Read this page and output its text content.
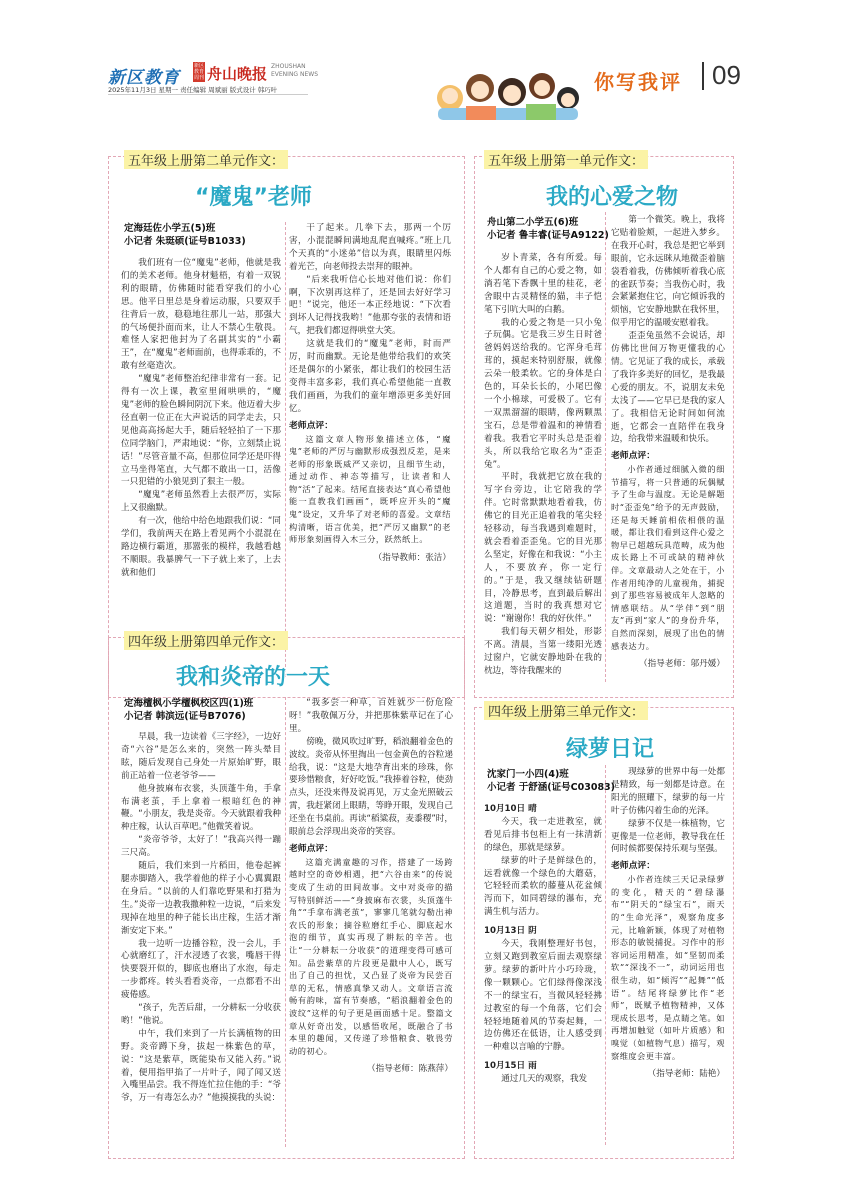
新区教育
新区教育周刊 舟山晚报 ZHOUSHAN EVENING NEWS
2025年11月3日 星期一 责任编辑 周斌丽 版式设计 韩巧叶	你写我评 09
五年级上册第二单元作文：
“魔鬼”老师
定海廷佐小学五(5)班
小记者 朱珽硕(证号B1033)

我们班有一位“魔鬼”老师，他就是我们的美术老师。他身材魁梧，有着一双锐利的眼睛，仿佛随时能看穿我们的小心思。他平日里总是身着运动服，只要双手往背后一放，稳稳地往那儿一站，那强大的气场便扑面而来，让人不禁心生敬畏。难怪人家把他封为了名副其实的“小霸王”，在“魔鬼”老师面前，也得乖乖的，不敢有丝毫造次。

“魔鬼”老师整治纪律非常有一套。记得有一次上课，教室里闹哄哄的，“魔鬼”老师的脸色瞬间阴沉下来。他迈着大步径直朝一位正在大声说话的同学走去，只见他高高扬起大手，随后轻轻拍了一下那位同学脑门，严肃地说：“你，立刻禁止说话！”尽管音量不高，但那位同学还是吓得立马坐得笔直，大气都不敢出一口，活像一只犯错的小狼见到了狠主一般。

“魔鬼”老师虽然看上去很严厉，实际上又很幽默。

有一次，他给中给色地跟我们说：“同学们，我前两天在路上看见两个小混混在路边横行霸道，那嚣张的模样，我越看越不顺眼。我暴脾气一下子就上来了，上去就和他们

干了起来。几拳下去，那两一个厉害，小混混瞬间满地乱爬直喊疼。”班上几个天真的“小迷弟”信以为真，眼睛里闪烁着光芒，向老师投去崇拜的眼神。

“后来我听信心长地对他们说：你们啊，下次别再这样了，还是回去好好学习吧！”说完，他还一本正经地说：“下次看到坏人记得找我哟！”他那夸张的表情和语气，把我们都逗得哄堂大笑。

这就是我们的“魔鬼”老师，时而严厉，时而幽默。无论是他带给我们的欢笑还是偶尔的小紧张，都让我们的校园生活变得丰富多彩，我们真心希望他能一直教我们画画，为我们的童年增添更多美好回忆。

老师点评：

这篇文章人物形象描述立体，“魔鬼”老师的严厉与幽默形成强烈反差，是来老师的形象既威严又亲切，且细节生动，通过动作、神态等描写，让读者和人物“活”了起来。结尾直接表达“真心希望他能一直教我们画画”，既呼应开头的“魔鬼”设定，又升华了对老师的喜爱。文章结构清晰，语言优美，把“严厉又幽默”的老师形象刻画得入木三分，跃然纸上。

（指导教师：张洁）
五年级上册第一单元作文：
我的心爱之物
舟山第二小学五(6)班
小记者 鲁丰睿(证号A9122)

岁卜青菜，各有所爱。每个人都有自己的心爱之物，如淌若笔下香飘十里的桂花，老舍眼中古灵精怪的猫，丰子恺笔下引吭大叫的白鹅。

我的心爱之物是一只小兔子玩偶。它是我三岁生日时爸爸妈妈送给我的。它浑身毛茸茸的，摸起来特别舒服，就像云朵一般柔软。它的身体是白色的，耳朵长长的，小尾巴像一个小棉球，可爱极了。它有一双黑溜溜的眼睛，像两颗黑宝石，总是带着温和的神情看着我。我看它平时头总是歪着头，所以我给它取名为“歪歪兔”。

平时，我就把它放在我的写字台旁边，让它陪我的学伴。它时常默默地看着我，仿佛它的目光正追着我的笔尖轻轻移动，每当我遇到难题时，就会看着歪歪兔。它的目光那么坚定，好像在和我说：“小主人，不要放弃，你一定行的。”于是，我又继续钻研题目，冷静思考，直到最后解出这道题，当时的我真想对它说：“谢谢你！我的好伙伴。”

我们每天朝夕相处，形影不离。清晨，当第一缕阳光透过窗户，它就安静地卧在我的枕边，等待我醒来的

第一个微笑。晚上，我将它贴着脸颊，一起进入梦乡。在我开心时，我总是把它举到眼前，它永远眯从地微歪着脑袋看着我，仿佛倾听着我心底的雀跃节奏；当我伤心时，我会紧紧抱住它，向它倾诉我的烦恼，它安静地默在我怀里，似乎用它的温暖安慰着我。

歪歪兔虽然不会说话，却仿佛比世间万物更懂我的心情。它见证了我的成长，承载了我许多美好的回忆，是我最心爱的朋友。不，说朋友未免太浅了——它早已是我的家人了。我相信无论时间如何流逝，它都会一直陪伴在我身边，给我带来温暖和快乐。

老师点评：

小作者通过细腻入微的细节描写，将一只普通的玩偶赋予了生命与温度。无论是解题时“歪歪兔”给予的无声鼓励，还是每天睡前相依相偎的温暖，都让我们看到这件心爱之物早已超越玩具范畴，成为他成长路上不可或缺的精神伙伴。文章最动人之处在于，小作者用纯净的儿童视角，捕捉到了那些容易被成年人忽略的情感联结。从“学伴”到“朋友”再到“家人”的身份升华，自然而深刻，展现了出色的情感表达力。

（指导老师：邬丹媛）
四年级上册第四单元作文：
我和炎帝的一天
定海檀枫小学檀枫校区四(1)班
小记者 韩滨远(证号B7076)

早晨，我一边读着《三字经》，一边好奇“六谷”是怎么来的，突然一阵头晕目眩，随后发现自己身处一片原始旷野，眼前正站着一位老爷爷——

他身披麻布衣裳，头顶蓬牛角，手拿布满老茧，手上拿着一根暗红色的神鞭。“小朋友，我是炎帝。今天就跟着我种种庄稼，认认百草吧。”他微笑着说。

“炎帝爷爷，太好了！”我高兴得一蹦三尺高。

随后，我们来到一片稻田，他卷起裤腿赤脚踏入，我学着他的样子小心翼翼跟在身后。“以前的人们靠吃野果和打猎为生。”炎帝一边教我撒种粒一边说，“后来发现掉在地里的种子能长出庄稼，生活才渐渐安定下来。”

我一边听一边播谷粒，没一会儿，手心就磨红了，汗水浸透了衣裳，嘴唇干得快要裂开似的，脚底也磨出了水泡，每走一步都疼。转头看看炎帝，一点都看不出疲倦感。

“孩子，先苦后甜，一分耕耘一分收获哟！”他说。

中午，我们来到了一片长满植物的田野。炎帝蹲下身，拔起一株紫色的草，说：“这是紫草，既能染布又能入药。”说着，便用指甲掐了一片叶子，闻了闻又送入嘴里品尝。我不得连忙拉住他的手：“爷爷，万一有毒怎么办？”他摸摸我的头说：

“我多尝一种草，百姓就少一份危险呀！”我敬佩万分，并把那株紫草记在了心里。

傍晚，微风吹过旷野，稻浪翻着金色的波纹。炎帝从怀里掏出一包金黄色的谷粒递给我，说：“这是大地孕育出来的珍珠，你要珍惜粮食，好好吃饭。”我捧着谷粒，使劲点头，还没来得及说再见，万丈金光照破云霄，我赶紧闭上眼睛，等睁开眼，发现自己还坐在书桌前。再读“稻粱菽，麦黍稷”时，眼前总会浮现出炎帝的笑容。

老师点评：

这篇充满童趣的习作，搭建了一场跨越时空的奇妙相遇，把“六谷由来”的传说变成了生动的田间故事。文中对炎帝的描写特别鲜活——“身披麻布衣裳，头顶蓬牛角”“手拿布满老茧”，寥寥几笔就勾勒出神农氏的形象；摘谷粒磨红手心、脚底起水泡的细节，真实再现了耕耘的辛苦。也让“一分耕耘一分收获”的道理变得可感可知。品尝紫草的片段更是戳中人心，既写出了自己的担忧，又凸显了炎帝为民尝百草的无私，情感真挚又动人。文章语言流畅有韵味，富有节奏感，“稻浪翻着金色的波纹”这样的句子更是画面感十足。整篇文章从好奇出发，以感悟收尾，既融合了书本里的趣闻，又传递了珍惜粮食、敬畏劳动的初心。

（指导老师：陈燕萍）
四年级上册第三单元作文：
绿萝日记
沈家门一小四(4)班
小记者 于舒涵(证号C03083)

10月10日 晴

今天，我一走进教室，就看见后排书包柜上有一抹清新的绿色，那就是绿萝。

绿萝的叶子是鲜绿色的，远看就像一个绿色的大蘑菇，它轻轻而柔软的藤蔓从花盆倾泻而下，如同碧绿的瀑布，充满生机与活力。

10月13日 阴

今天，我刚整理好书包，立刻又跑到教室后面去观察绿萝。绿萝的新叶片小巧玲珑，像一颗颗心。它们绿得像深浅不一的绿宝石，当微风轻轻拂过教室的每一个角落，它们会轻轻地随着风的节奏起舞，一边仿佛还在低语，让人感受到一种难以言喻的宁静。

10月15日 雨

通过几天的观察，我发

现绿萝的世界中每一处都是精致，每一刻都是诗意。在阳光的照耀下，绿萝的每一片叶子仿佛闪着生命的光泽。

绿萝不仅是一株植物，它更像是一位老师，教导我在任何时候都要保持乐观与坚强。

老师点评：

小作者连续三天记录绿萝的变化，精天的“碧绿瀑布”“阴天的“绿宝石”，雨天的“生命光泽”，观察角度多元，比喻新颖，体现了对植物形态的敏锐捕捉。习作中的形容词运用精准，如“坚韧而柔软”“深浅不一”，动词运用也很生动，如“倾泻”“起舞”“低语”。结尾将绿萝比作“老师”，既赋予植物精神，又体现成长思考，是点睛之笔。如再增加触觉（如叶片质感）和嗅觉（如植物气息）描写，观察维度会更丰富。

（指导老师：陆艳）
